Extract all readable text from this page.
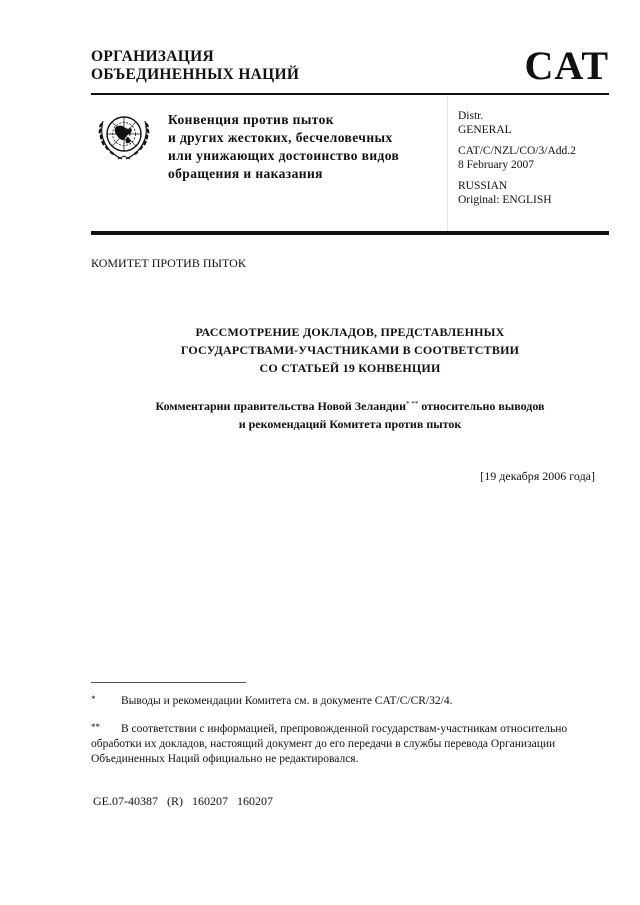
ОРГАНИЗАЦИЯ
ОБЪЕДИНЕННЫХ НАЦИЙ	CAT
Конвенция против пыток
и других жестоких, бесчеловечных
или унижающих достоинство видов
обращения и наказания
Distr.
GENERAL
CAT/C/NZL/CO/3/Add.2
8 February 2007
RUSSIAN
Original: ENGLISH
КОМИТЕТ ПРОТИВ ПЫТОК
РАССМОТРЕНИЕ ДОКЛАДОВ, ПРЕДСТАВЛЕННЫХ
ГОСУДАРСТВАМИ-УЧАСТНИКАМИ В СООТВЕТСТВИИ
СО СТАТЬЕЙ 19 КОНВЕНЦИИ
Комментарии правительства Новой Зеландии* ** относительно выводов
и рекомендаций Комитета против пыток
[19 декабря 2006 года]
* Выводы и рекомендации Комитета см. в документе CAT/C/CR/32/4.

** В соответствии с информацией, препровожденной государствам-участникам относительно обработки их докладов, настоящий документ до его передачи в службы перевода Организации Объединенных Наций официально не редактировался.

GE.07-40387   (R)   160207   160207
